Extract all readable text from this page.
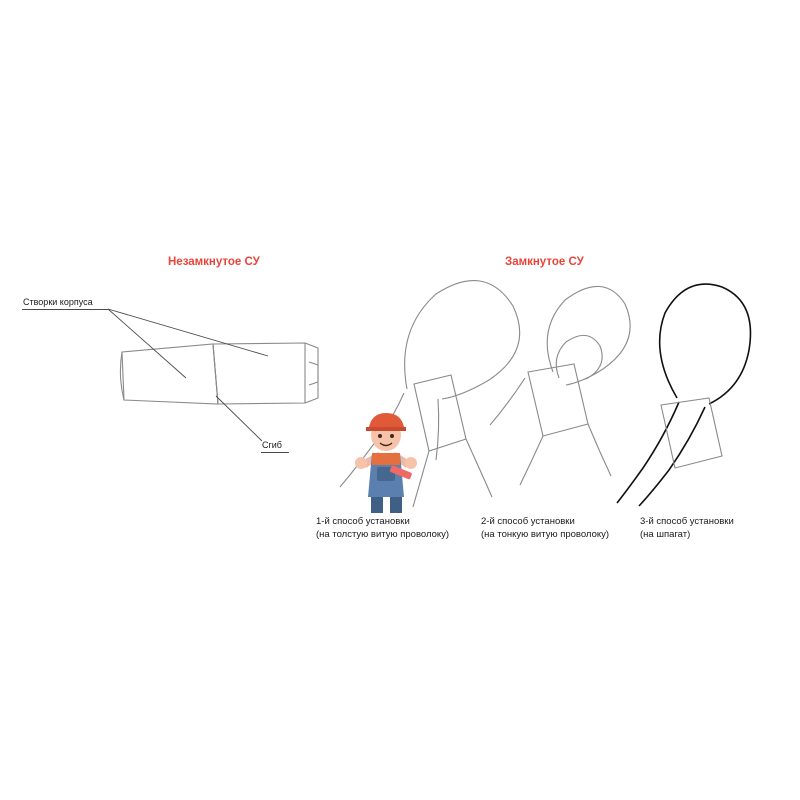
Незамкнутое СУ	Замкнутое СУ
Створки корпуса
Сгиб
1-й способ установки
(на толстую витую проволоку)
2-й способ установки
(на тонкую витую проволоку)
3-й способ установки
(на шпагат)
